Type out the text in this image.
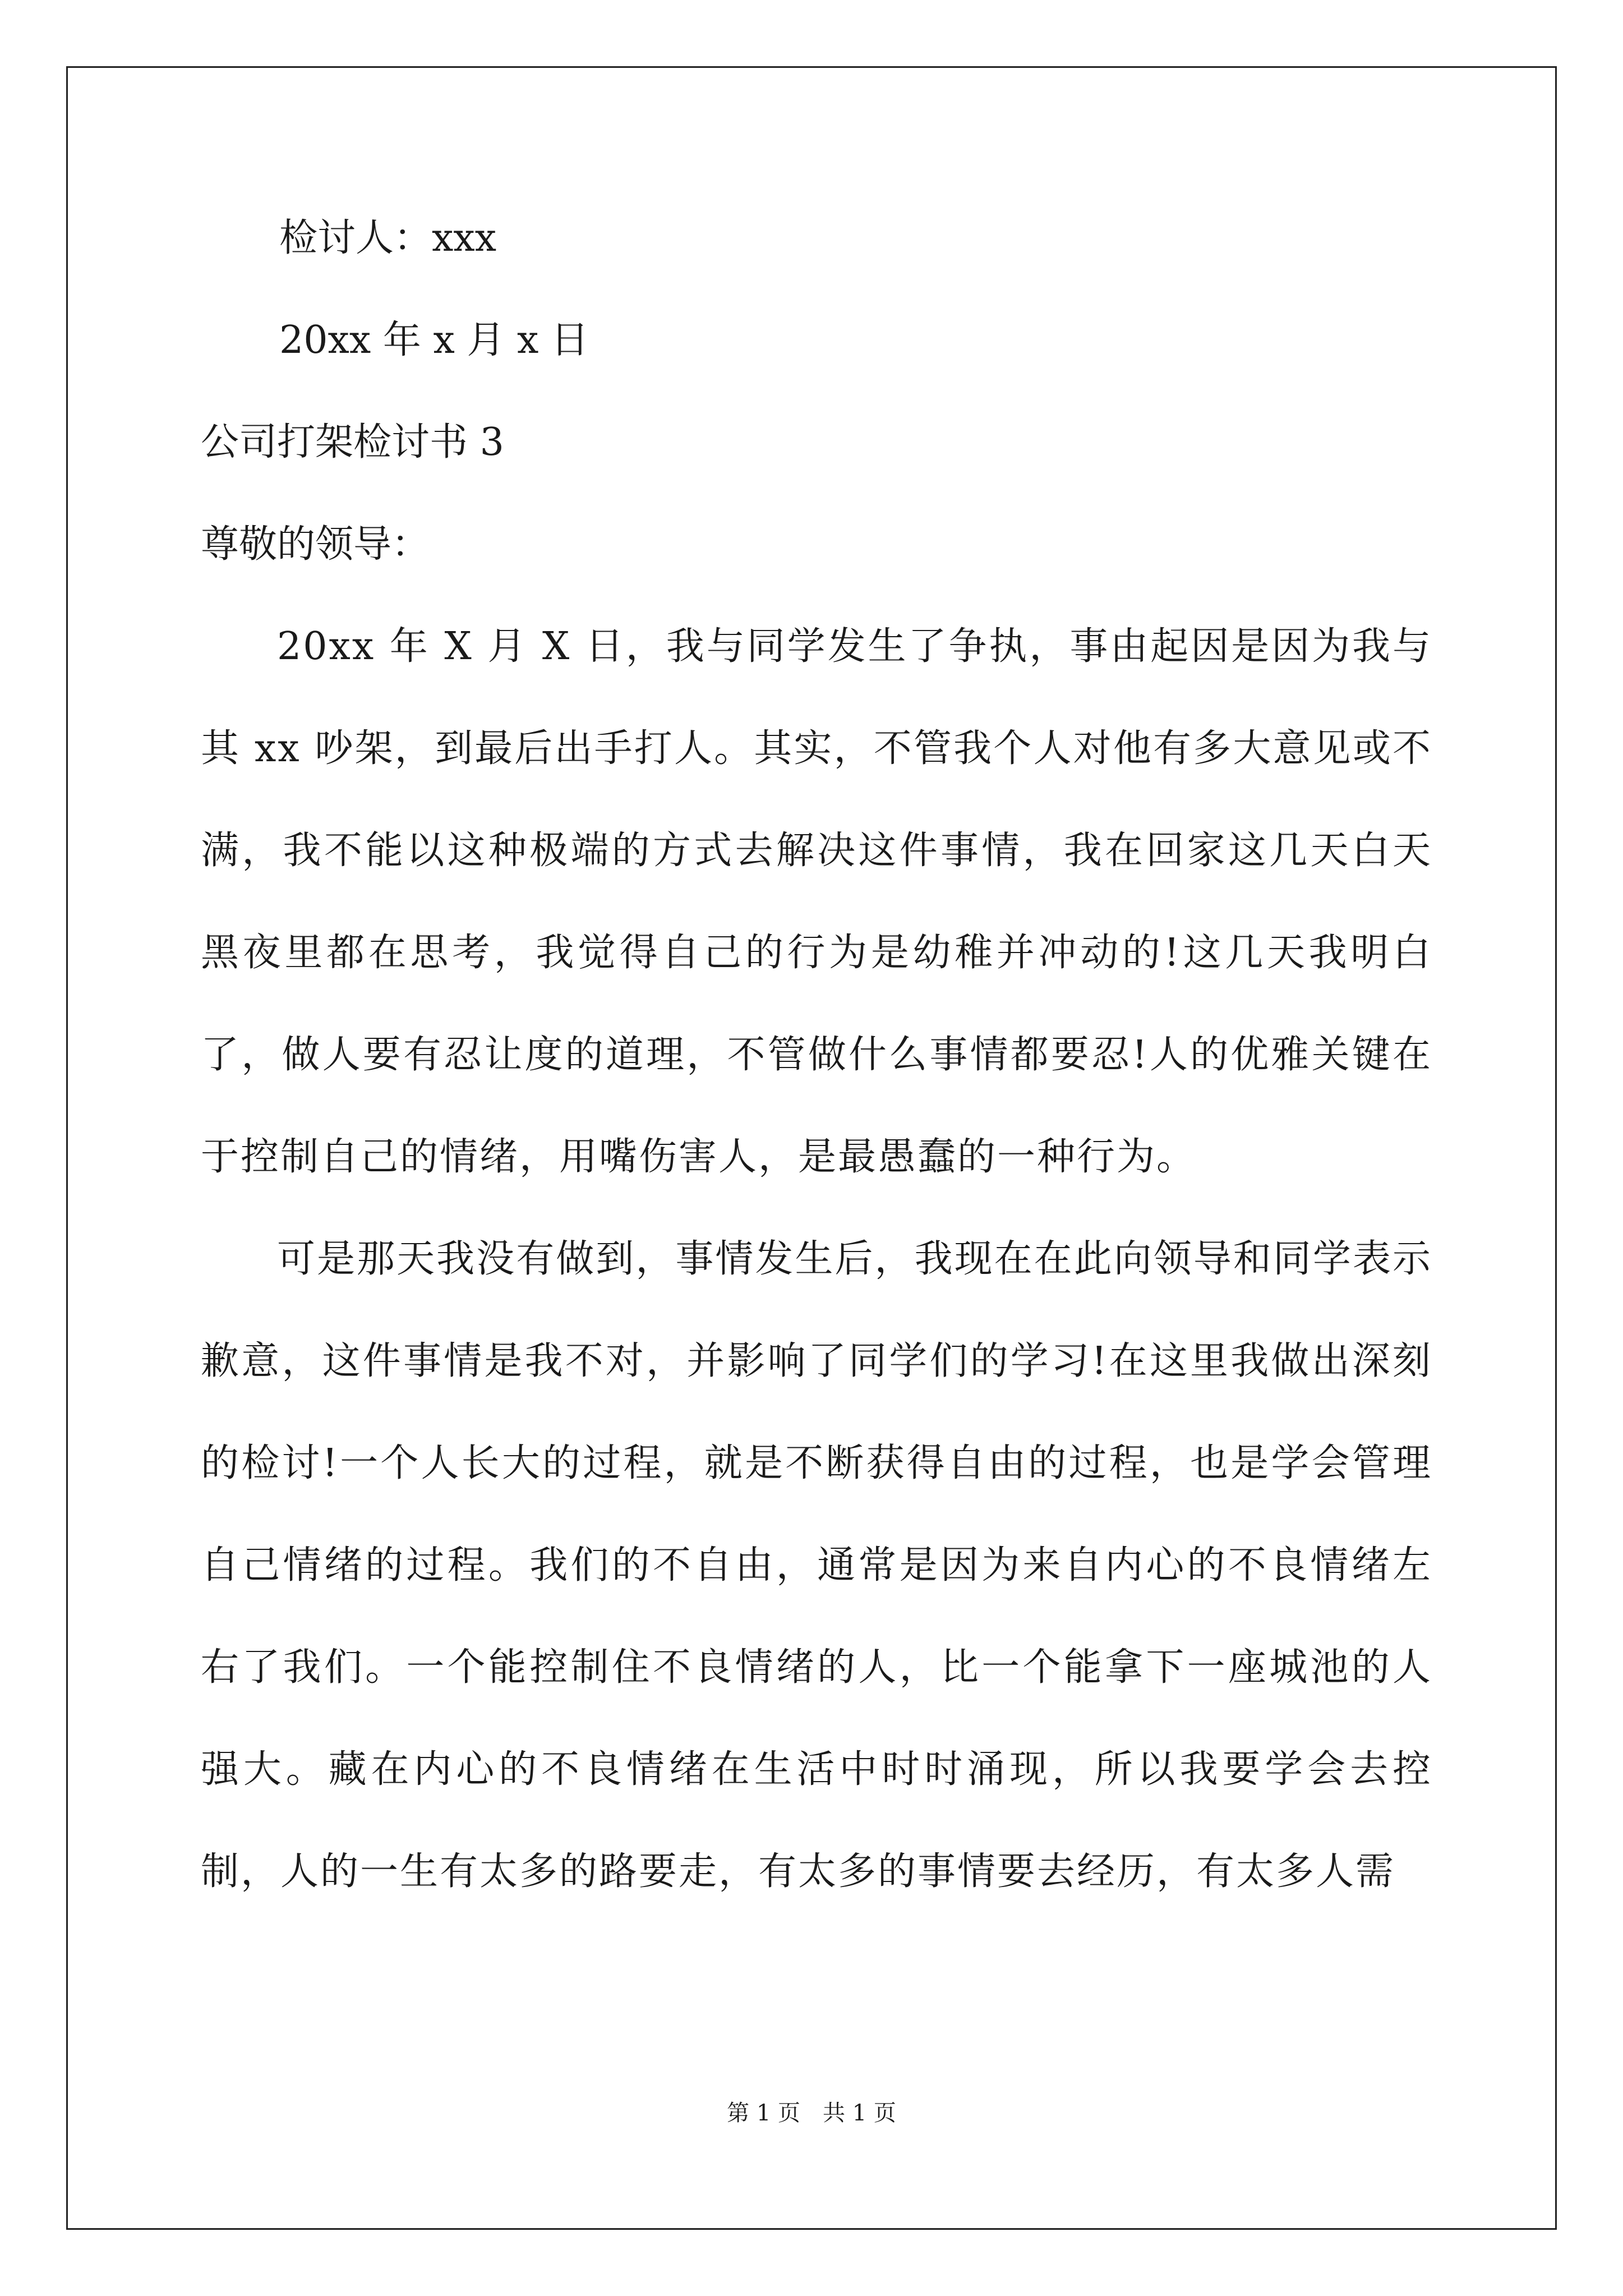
检讨人：xxx

20xx 年 x 月 x 日

公司打架检讨书 3

尊敬的领导：

20xx 年 X 月 X 日，我与同学发生了争执，事由起因是因为我与其 xx 吵架，到最后出手打人。其实，不管我个人对他有多大意见或不满，我不能以这种极端的方式去解决这件事情，我在回家这几天白天黑夜里都在思考，我觉得自己的行为是幼稚并冲动的!这几天我明白了，做人要有忍让度的道理，不管做什么事情都要忍!人的优雅关键在于控制自己的情绪，用嘴伤害人，是最愚蠢的一种行为。

可是那天我没有做到，事情发生后，我现在在此向领导和同学表示歉意，这件事情是我不对，并影响了同学们的学习!在这里我做出深刻的检讨!一个人长大的过程，就是不断获得自由的过程，也是学会管理自己情绪的过程。我们的不自由，通常是因为来自内心的不良情绪左右了我们。一个能控制住不良情绪的人，比一个能拿下一座城池的人强大。藏在内心的不良情绪在生活中时时涌现，所以我要学会去控制，人的一生有太多的路要走，有太多的事情要去经历，有太多人需

第 1 页　共 1 页
